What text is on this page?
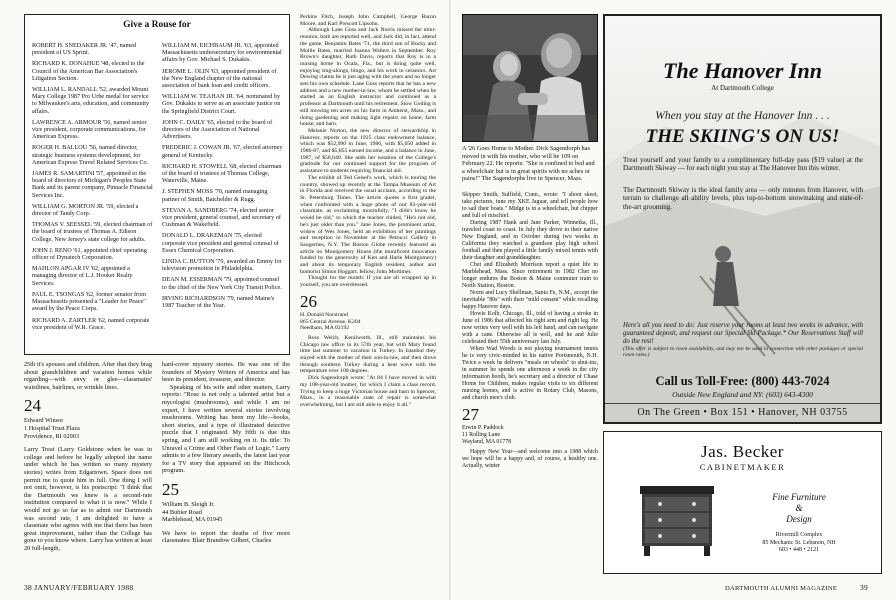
Give a Rouse for
ROBERT H. SNEDAKER JR. '47, named president of US Sprint.
RICHARD K. DONAHUE '48, elected to the Council of the American Bar Association's Litigation Section.
WILLIAM L. RANDALL '52, awarded Mount Mary College 1987 Pro Urbe medal for service to Milwaukee's arts, education, and community affairs.
LAWRENCE A. ARMOUR '56, named senior vice president, corporate communications, for American Express.
ROGER H. BALLOU '56, named director, strategic business systems development, for American Express Travel Related Services Co.
JAMES R. SAMARTINI '57, appointed to the board of directors of Michigan's Peoples State Bank and its parent company, Pinnacle Financial Services Inc.
WILLIAM G. MORTON JR. '59, elected a director of Tandy Corp.
THOMAS V. SEESSEL '59, elected chairman of the board of trustees of Thomas A. Edison College, New Jersey's state college for adults.
JOHN J. RENO '61, appointed chief operating officer of Dynatech Corporation.
MAHLON APGAR IV '62, appointed a managing director of L.J. Hooker Realty Services.
PAUL E. TSONGAS '62, former senator from Massachusetts presented a "Leader for Peace" award by the Peace Corps.
RICHARD A. ZARTLER '62, named corporate vice president of W.R. Grace.
WILLIAM M. EICHBAUM JR. '63, appointed Massachusetts undersecretary for environmental affairs by Gov. Michael S. Dukakis.
JEROME L. OLIN '63, appointed president of the New England chapter of the national association of bank loan and credit officers.
WILLIAM W. TEAHAN JR. '64, nominated by Gov. Dukakis to serve as an associate justice on the Springfield District Court.
JOHN C. DAILY '65, elected to the board of directors of the Association of National Advertisers.
FREDERIC J. COWAN JR. '67, elected attorney general of Kentucky.
RICHARD H. STOWELL '68, elected chairman of the board of trustees of Thomas College, Waterville, Maine.
J. STEPHEN MOSS '70, named managing partner of Smith, Batchelder & Rugg.
STEVAN A. SANDBERG '74, elected senior vice president, general counsel, and secretary of Cushman & Wakefield.
DONALD L. DRAKEMAN '75, elected corporate vice president and general counsel of Essex Chemical Corporation.
LINDA C. BUTTON '79, awarded an Emmy for television promotion in Philadelphia.
DEAN M. ESSERMAN '79, appointed counsel to the chief of the New York City Transit Police.
IRVING RICHARDSON '79, named Maine's 1987 Teacher of the Year.

25th it's spouses and children. After that they brag about grandchildren and vacation homes while regarding—with envy or glee—classmates' waistlines, hairlines, or wrinkle lines.

24
Edward Winsor
1 Hospital Trust Plaza
Providence, RI 02903

Larry Treat (Larry Goldstone when he was in college and before he legally adopted the name under which he has written so many mystery stories) writes from Edgartown. Space does not permit me to quote him in full. One thing I will not omit, however, is his postscript: "I think that the Dartmouth we knew is a second-rate institution compared to what it is now." While I would not go so far as to admit our Dartmouth was second rate, I am delighted to have a classmate who agrees with me that there has been great improvement, rather than the College has gone to you know where. Larry has written at least 20 full-length,

hard-cover mystery stories. He was one of the founders of Mystery Writers of America and has been its president, treasurer, and director.

Speaking of his wife and other matters, Larry reports: "Rose is not only a talented artist but a mycologist (mushrooms), and while I am no expert, I have written several stories involving mushrooms. Writing has been my life—books, short stories, and a type of illustrated detective puzzle that I originated. My fifth is due this spring, and I am still working on it. Its title: To Unravel a Crime and Other Fasts of Logic." Larry admits to a few literary awards, the latest last year for a TV story that appeared on the Hitchcock program.

25
William B. Sleigh Jr.
44 Bubier Road
Marblehead, MA 01945

We have to report the deaths of five more classmates: Blair Brandow Gilbert, Charles

Perkins Fitch, Joseph John Campbell, George Bacon Moore, and Karl Prescott Lipsohn.

Although Lane Goss and Jack Norris missed the mini-reunion, both are reported well, and Jack did, in fact, attend the game. Benjamin Bates '71, the third son of Bucky and Mollie Bates, married Joanna Walters in September. Roy Brown's daughter, Ruth Davis, reports that Roy is in a nursing home in Ocala, Fla., but is doing quite well, enjoying sing-alongs, bingo, and his work in ceramics. Art Dewing claims he is just aging with the years and no longer sets his own schedule. Lane Goss reports that he has a new address and a new mother-in-law, whom he settled when he started as an English instructor and continued as a professor at Dartmouth until his retirement. Stow Goding is still mowing ten acres on his farm in Amherst, Mass., and doing gardening and making light repairs on home, farm house, and barn.

Melanie Norton, the new director of stewardship in Hanover, reports on the 1925 class endowment balance, which was $52,990 in June, 1986, with $5,050 added in 1986-87, and $5,855 earned income, and a balance in June, 1987, of $58,040. She adds her notation of the College's gratitude for our continued support for the program of assistance to students requiring financial aid.

The exhibit of Ted Geisel's work, which is touring the country, showed up recently at the Tampa Museum of Art in Florida and received the usual acclaim, according to the St. Petersburg Times. The article quotes a first grader, when confronted with a huge photo of our 83-year-old classmate, as exclaiming mournfully, "I didn't know he would be old," to which the teacher chided, "He's not old, he's just older than you." Jane Jones, the prominent artist, widow of Wes Jones, held an exhibition of her paintings and reception in November at the Petrucci Gallery in Saugerties, N.Y. The Boston Globe recently featured an article on Montgomery House (the munificent innovation funded by the generosity of Ken and Harle Montgomery) and about its temporary English resident, author and humorist Simon Hoggart, fellow, John Mortimer.

Thought for the month: If you are all wrapped up in yourself, you are overdressed.

26
H. Donald Norstrand
865 Central Avenue, K204
Needham, MA 02192

Ross Welch, Kenilworth, Ill., still maintains his Chicago law office in its 57th year, but with Mary found time last summer to vacation in Turkey. In Istanbul they stayed with the mother of their son-in-law, and then drove through southern Turkey during a heat wave with the temperature over 100 degrees.

Dick Sagendorph wrote: "At 84 I have moved in with my 108-year-old mother, for which I claim a class record. Trying to keep a huge Victorian house and barn in Spencer, Mass., in a reasonable state of repair is somewhat overwhelming, but I am still able to enjoy it all."

38 JANUARY/FEBRUARY 1988
A '26 Goes Home to Mother. Dick Sagendorph has moved in with his mother, who will be 109 on February 22. He reports: "She is confined to bed and a wheelchair but is in great spirits with no aches or pains!" The Sagendorphs live in Spencer, Mass.

Skipper Smith, Suffield, Conn., wrote: "I shoot skeet, take pictures, tune my XKE Jaguar, and tell people how to sail their boats." Midge is in a wheelchair, but chipper and full of mischief.

During 1987 Hank and Jane Parker, Winnetka, Ill., traveled coast to coast. In July they drove to their native New England, and in October during two weeks in California they watched a grandson play high school football and then played a little family mixed tennis with their daughter and granddaughter.

Chet and Elizabeth Morrison report a quiet life in Marblehead, Mass. Since retirement in 1982 Chet no longer endures the Boston & Maine commuter train to North Station, Boston.

Norm and Lucy Shellman, Santa Fe, N.M., accept the inevitable "80s" with their "mild consent" while recalling happy Hanover days.

Howie Kolb, Chicago, Ill., told of having a stroke in June of 1986 that affected his right arm and right leg. He now writes very well with his left hand, and can navigate with a cane. Otherwise all is well, and he and Julie celebrated their 55th anniversary last July.

When Wad Woods is not playing tournament tennis he is very civic-minded in his native Portsmouth, N.H. Twice a week he delivers "meals on wheels" to shut-ins, in summer he spends one afternoon a week in the city information booth, he's secretary and a director of Chase Home for Children, makes regular visits to six different nursing homes, and is active in Rotary Club, Masons, and church men's club.

27
Erwin P. Paddock
11 Rolling Lane
Wayland, MA 01778

Happy New Year—and welcome into a 1988 which we hope will be a happy and, of course, a healthy one. Actually, winter

The Hanover Inn
At Dartmouth College
When you stay at the Hanover Inn . . .
THE SKIING'S ON US!

Treat yourself and your family to a complimentary full-day pass ($19 value) at the Dartmouth Skiway — for each night you stay at The Hanover Inn this winter.

The Dartmouth Skiway is the ideal family area — only minutes from Hanover, with terrain to challenge all ability levels, plus top-to-bottom snowmaking and state-of-the-art grooming.

Here's all you need to do: Just reserve your rooms at least two weeks in advance, with guaranteed deposit, and request our Special Ski Package.* Our Reservations Staff will do the rest!

(This offer is subject to room availability, and may not be used in connection with other packages or special room rates.)

Call us Toll-Free: (800) 443-7024
Outside New England and NY: (603) 643-4300
On The Green • Box 151 • Hanover, NH 03755
Jas. Becker
CABINETMAKER
Fine Furniture
&
Design
Rivermill Complex
85 Mechanic St. Lebanon, NH
603 • 448 • 2121
DARTMOUTH ALUMNI MAGAZINE	39
